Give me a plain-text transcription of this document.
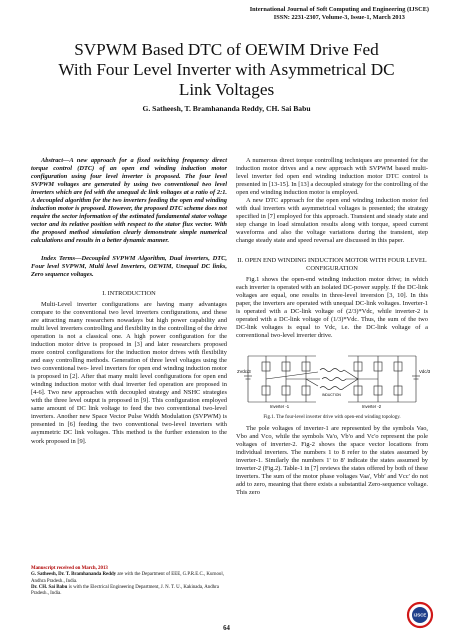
International Journal of Soft Computing and Engineering (IJSCE)
ISSN: 2231-2307, Volume-3, Issue-1, March 2013
SVPWM Based DTC of OEWIM Drive Fed
With Four Level Inverter with Asymmetrical DC
Link Voltages
G. Satheesh, T. Bramhananda Reddy, CH. Sai Babu

Abstract—A new approach for a fixed switching frequency direct torque control (DTC) of an open end winding induction motor configuration using four level inverter is proposed. The four level SVPWM voltages are generated by using two conventional two level inverters which are fed with the unequal dc link voltages at a ratio of 2:1. A decoupled algorithm for the two inverters feeding the open end winding induction motor is proposed. However, the proposed DTC scheme does not require the sector information of the estimated fundamental stator voltage vector and its relative position with respect to the stator flux vector. With the proposed method simulation clearly demonstrate simple numerical calculations and results in a better dynamic manner.

Index Terms—Decoupled SVPWM Algorithm, Dual inverters, DTC, Four level SVPWM, Multi level Inverters, OEWIM, Unequal DC links, Zero sequence voltages.

I. INTRODUCTION

Multi-Level inverter configurations are having many advantages compare to the conventional two level inverters configurations, and these are attracting many researchers nowadays but high power capability and multi level inverters controlling and flexibility in the controlling of the drive operation is not a classical one. A high power configuration for the induction motor drive is proposed in [3] and later researchers proposed more control configurations for the induction motor drives with flexibility and easy controlling methods. Generation of three level voltages using the two conventional two- level inverters for open end winding induction motor is proposed in [2]. After that many multi level configurations for open end winding induction motor with dual inverter fed operation are proposed in [4-6]. Two new approaches with decoupled strategy and NSHC strategies with the three level output is proposed in [9]. This configuration employed same amount of DC link voltage to feed the two conventional two-level inverters. Another new Space Vector Pulse Width Modulation (SVPWM) is presented in [6] feeding the two conventional two-level inverters with asymmetric DC link voltages. This method is the further extension to the work proposed in [9].

A numerous direct torque controlling techniques are presented for the induction motor drives and a new approach with SVPWM based multi-level inverter fed open end winding induction motor DTC control is presented in [13-15]. In [13] a decoupled strategy for the controlling of the open end winding induction motor is employed.

A new DTC approach for the open end winding induction motor fed with dual inverters with asymmetrical voltages is presented; the strategy specified in [7] employed for this approach. Transient and steady state and step change in load simulation results along with torque, speed current waveforms and also the voltage variations during the transient, step change steady state and speed reversal are discussed in this paper.

II. OPEN END WINDING INDUCTION MOTOR WITH FOUR LEVEL CONFIGURATION

Fig.1 shows the open-end winding induction motor drive; in which each inverter is operated with an isolated DC-power supply. If the DC-link voltages are equal, one results in three-level inversion [3, 10]. In this paper, the inverters are operated with unequal DC-link voltages. Inverter-1 is operated with a DC-link voltage of (2/3)*Vdc, while inverter-2 is operated with a DC-link voltage of (1/3)*Vdc. Thus, the sum of the two DC-link voltages is equal to Vdc, i.e. the DC-link voltage of a conventional two-level inverter drive.

2Vdc/3	Vdc/3
INDUCTION
Inverter -1	Inverter -2

Fig.1. The four-level inverter drive with open-end winding topology.

The pole voltages of inverter-1 are represented by the symbols Vao, Vbo and Vco, while the symbols Va'o, Vb'o and Vc'o represent the pole voltages of inverter-2. Fig-2 shows the space vector locations from individual inverters. The numbers 1 to 8 refer to the states assumed by inverter-1. Similarly the numbers 1' to 8' indicate the states assumed by inverter-2 (Fig.2). Table-1 in [7] reviews the states offered by both of these inverters. The sum of the motor phase voltages Vaa', Vbb' and Vcc' do not add to zero, meaning that there exists a substantial Zero-sequence voltage. This zero

Manuscript received on March, 2013
G. Satheesh, Dr. T. Bramhananda Reddy are with the Department of EEE, G.P.R.E.C., Kurnool, Andhra Pradesh., India.
Dr. CH. Sai Babu is with the Electrical Engineering Department, J. N. T. U., Kakinada, Andhra Pradesh., India.
64
IJSCE
